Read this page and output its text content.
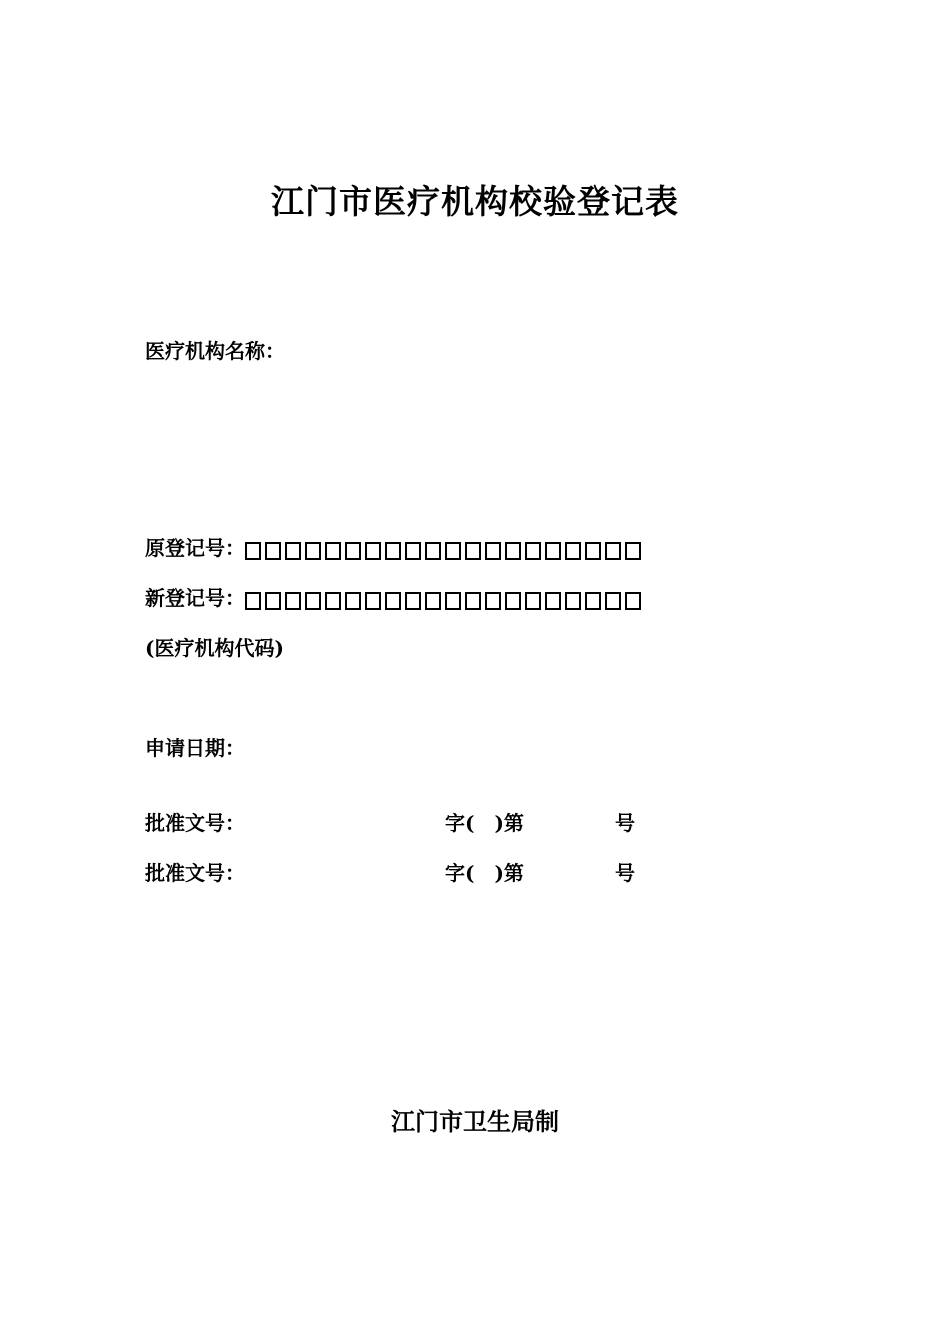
江门市医疗机构校验登记表
医疗机构名称：
原登记号：
新登记号：
(医疗机构代码)
申请日期：
批准文号：	字(　)第	号
批准文号：	字(　)第	号
江门市卫生局制
